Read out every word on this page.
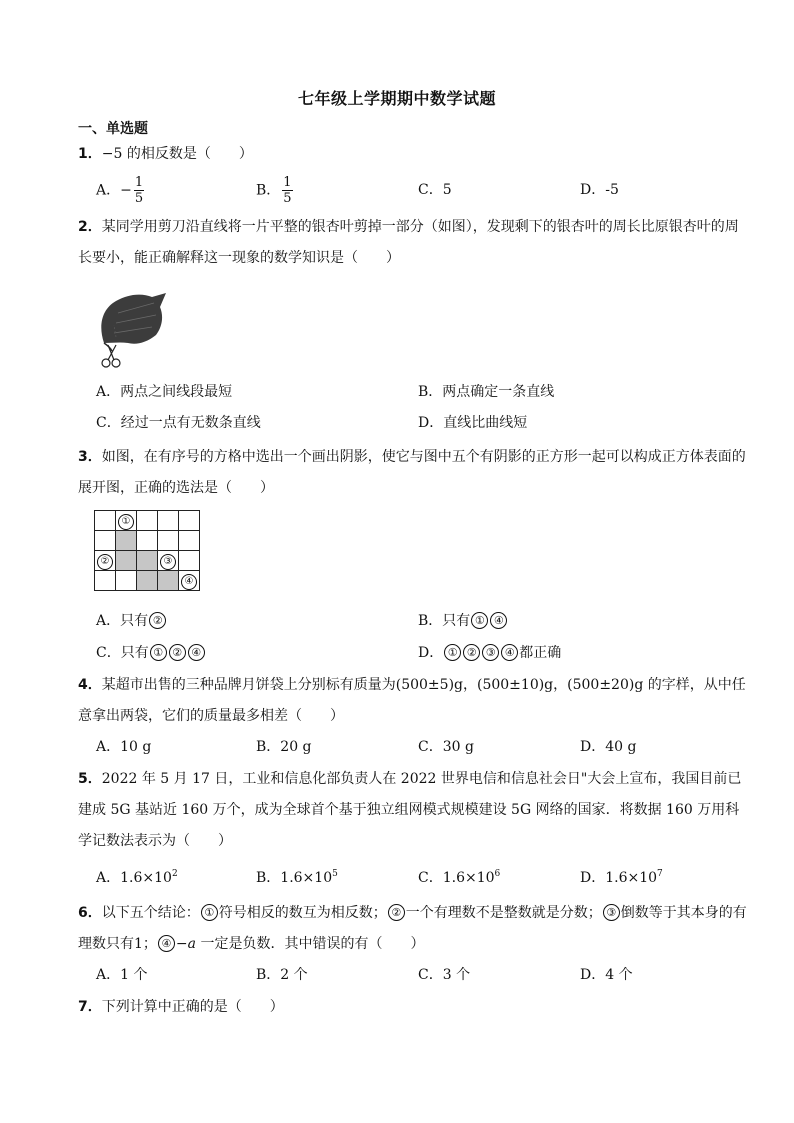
七年级上学期期中数学试题
一、单选题
1．−5 的相反数是（　　）
A．− $\frac{1}{5}$	B． $\frac{1}{5}$	C．5	D．-5
2．某同学用剪刀沿直线将一片平整的银杏叶剪掉一部分（如图），发现剩下的银杏叶的周长比原银杏叶的周长要小，能正确解释这一现象的数学知识是（　　）
A．两点之间线段最短	B．两点确定一条直线
C．经过一点有无数条直线	D．直线比曲线短
3．如图，在有序号的方格中选出一个画出阴影，使它与图中五个有阴影的正方形一起可以构成正方体表面的展开图，正确的选法是（　　）
	①			

②			③	
				④
A．只有 ②	B．只有 ① ④
C．只有 ① ② ④	D． ① ② ③ ④ 都正确
4．某超市出售的三种品牌月饼袋上分别标有质量为(500±5)g，(500±10)g，(500±20)g 的字样，从中任意拿出两袋，它们的质量最多相差（　　）
A．10 g	B．20 g	C．30 g	D．40 g
5．2022 年 5 月 17 日，工业和信息化部负责人在 2022 世界电信和信息社会日"大会上宣布，我国目前已建成 5G 基站近 160 万个，成为全球首个基于独立组网模式规模建设 5G 网络的国家．将数据 160 万用科学记数法表示为（　　）
A．$1.6\times 10^2$	B．$1.6\times 10^5$	C．$1.6\times 10^6$	D．$1.6\times 10^7$
6．以下五个结论： ① 符号相反的数互为相反数； ② 一个有理数不是整数就是分数； ③ 倒数等于其本身的有理数只有1； ④ −a 一定是负数．其中错误的有（　　）
A．1 个	B．2 个	C．3 个	D．4 个
7．下列计算中正确的是（　　）
